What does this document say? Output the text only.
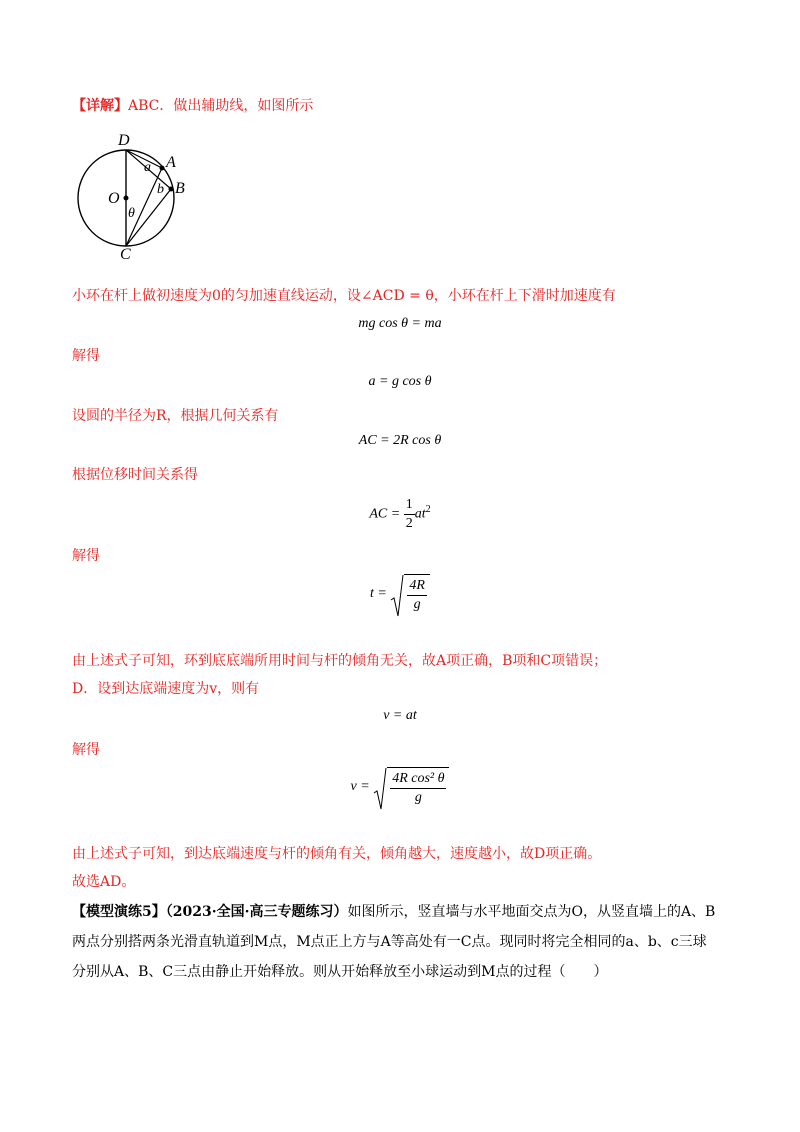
【详解】ABC．做出辅助线，如图所示
D
A
B
O
C
a
b
θ
小环在杆上做初速度为0的匀加速直线运动，设∠ACD = θ，小环在杆上下滑时加速度有
mg cos θ = ma
解得
a = g cos θ
设圆的半径为R，根据几何关系有
AC = 2R cos θ
根据位移时间关系得
AC = $\frac{1}{2} at^2$
解得
$t = \frac{4R}{g}$
由上述式子可知，环到底底端所用时间与杆的倾角无关，故A项正确，B项和C项错误；
D．设到达底端速度为v，则有
v = at
解得
$v = \frac{\text{4R cos² θ}}{g}$
由上述式子可知，到达底端速度与杆的倾角有关，倾角越大，速度越小，故D项正确。
故选AD。
【模型演练5】（2023·全国·高三专题练习）如图所示，竖直墙与水平地面交点为O，从竖直墙上的A、B
两点分别搭两条光滑直轨道到M点，M点正上方与A等高处有一C点。现同时将完全相同的a、b、c三球
分别从A、B、C三点由静止开始释放。则从开始释放至小球运动到M点的过程（　　）
